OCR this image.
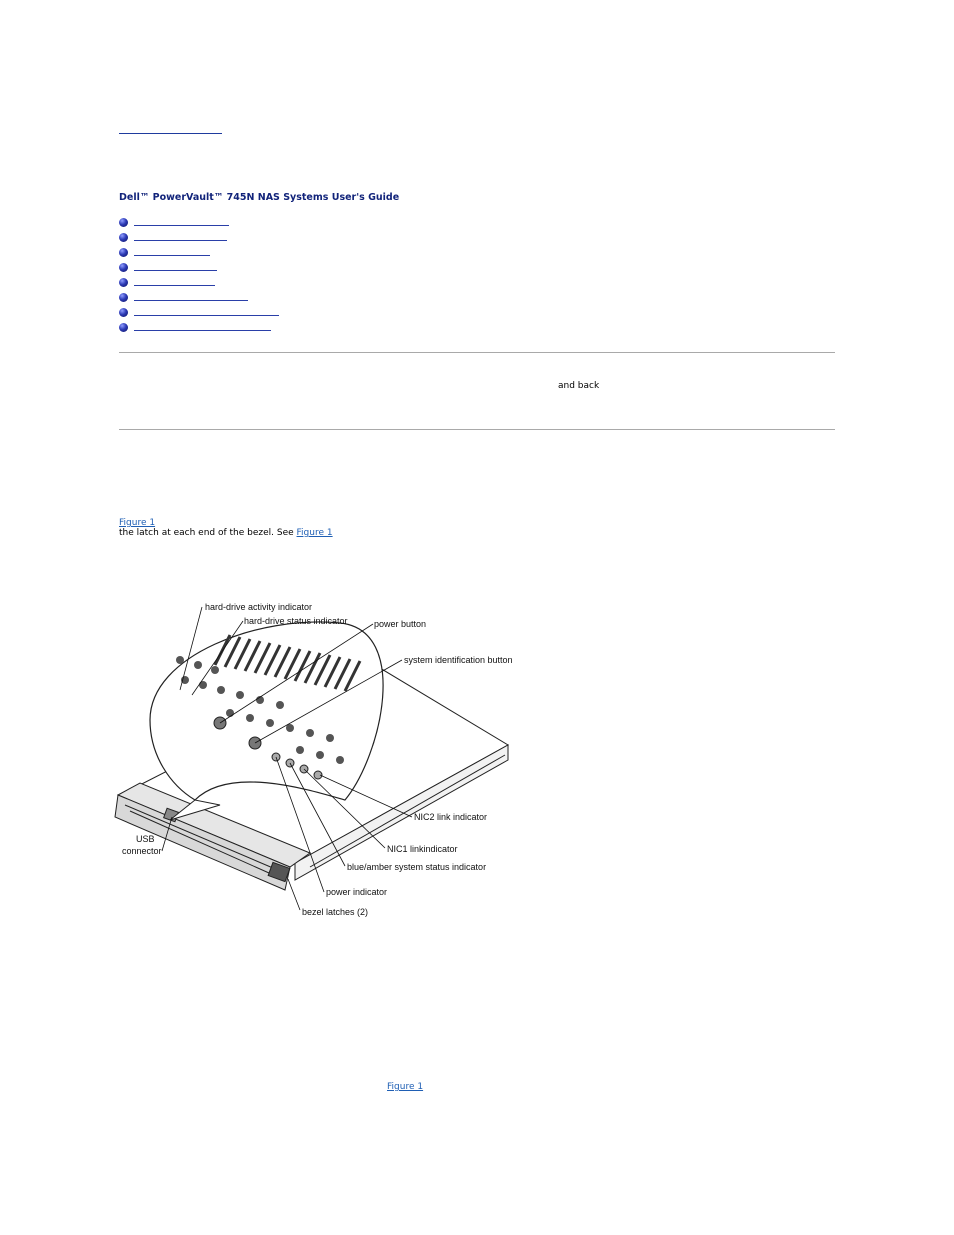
Dell™ PowerVault™ 745N NAS Systems User's Guide
and back
Figure 1
the latch at each end of the bezel. See Figure 1
hard-drive activity indicator
hard-drive status indicator	power button
system identification button
NIC2 link indicator
NIC1 linkindicator
blue/amber system status indicator
power indicator
bezel latches (2)
USB
connector
Figure 1
